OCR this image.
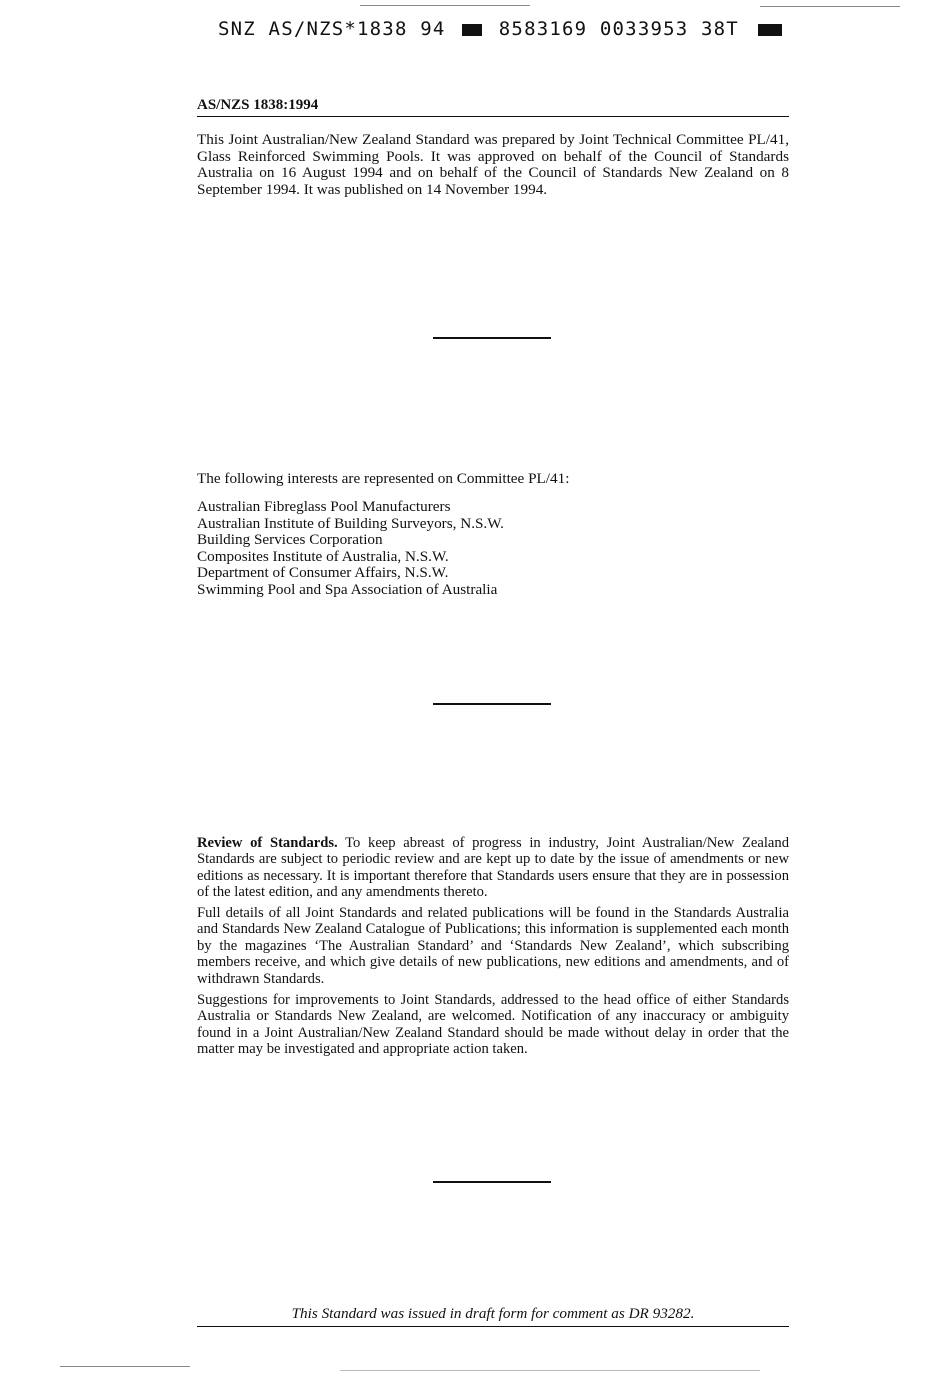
SNZ AS/NZS*1838 94	8583169 0033953 38T
AS/NZS 1838:1994

This Joint Australian/New Zealand Standard was prepared by Joint Technical Committee PL/41, Glass Reinforced Swimming Pools. It was approved on behalf of the Council of Standards Australia on 16 August 1994 and on behalf of the Council of Standards New Zealand on 8 September 1994. It was published on 14 November 1994.

The following interests are represented on Committee PL/41:
Australian Fibreglass Pool Manufacturers
Australian Institute of Building Surveyors, N.S.W.
Building Services Corporation
Composites Institute of Australia, N.S.W.
Department of Consumer Affairs, N.S.W.
Swimming Pool and Spa Association of Australia

Review of Standards. To keep abreast of progress in industry, Joint Australian/New Zealand Standards are subject to periodic review and are kept up to date by the issue of amendments or new editions as necessary. It is important therefore that Standards users ensure that they are in possession of the latest edition, and any amendments thereto.

Full details of all Joint Standards and related publications will be found in the Standards Australia and Standards New Zealand Catalogue of Publications; this information is supplemented each month by the magazines ‘The Australian Standard’ and ‘Standards New Zealand’, which subscribing members receive, and which give details of new publications, new editions and amendments, and of withdrawn Standards.

Suggestions for improvements to Joint Standards, addressed to the head office of either Standards Australia or Standards New Zealand, are welcomed. Notification of any inaccuracy or ambiguity found in a Joint Australian/New Zealand Standard should be made without delay in order that the matter may be investigated and appropriate action taken.

This Standard was issued in draft form for comment as DR 93282.
